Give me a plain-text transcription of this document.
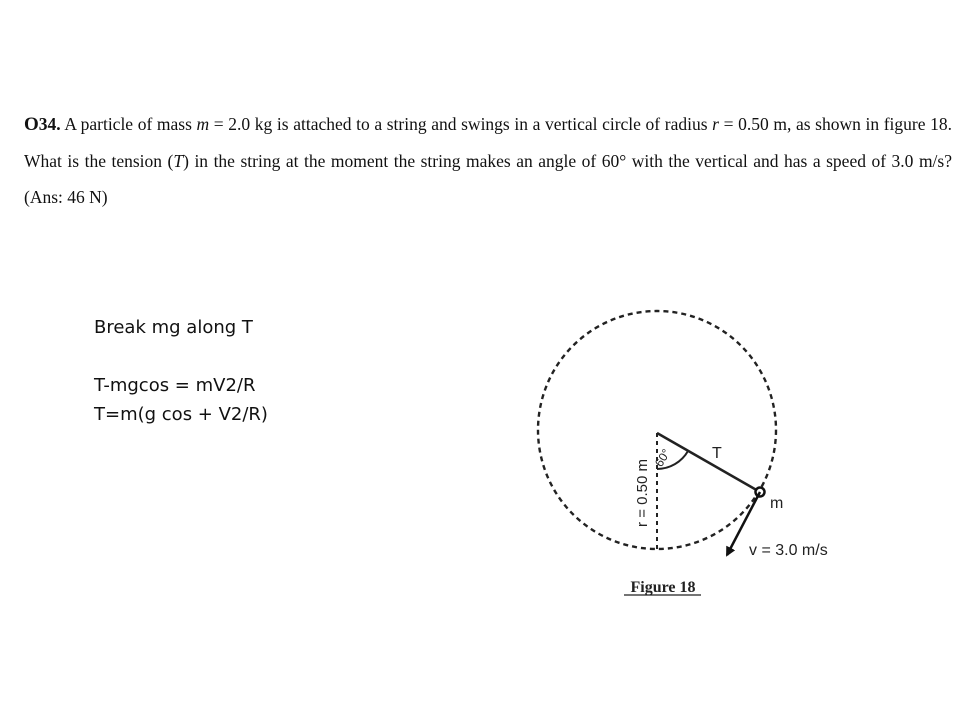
O34. A particle of mass m = 2.0 kg is attached to a string and swings in a vertical circle of radius r = 0.50 m, as shown in figure 18. What is the tension (T) in the string at the moment the string makes an angle of 60° with the vertical and has a speed of 3.0 m/s? (Ans: 46 N)

Break mg along T
T-mgcos = mV2/R
T=m(g cos + V2/R)
r = 0.50 m
60° T
m
v = 3.0 m/s
Figure 18
